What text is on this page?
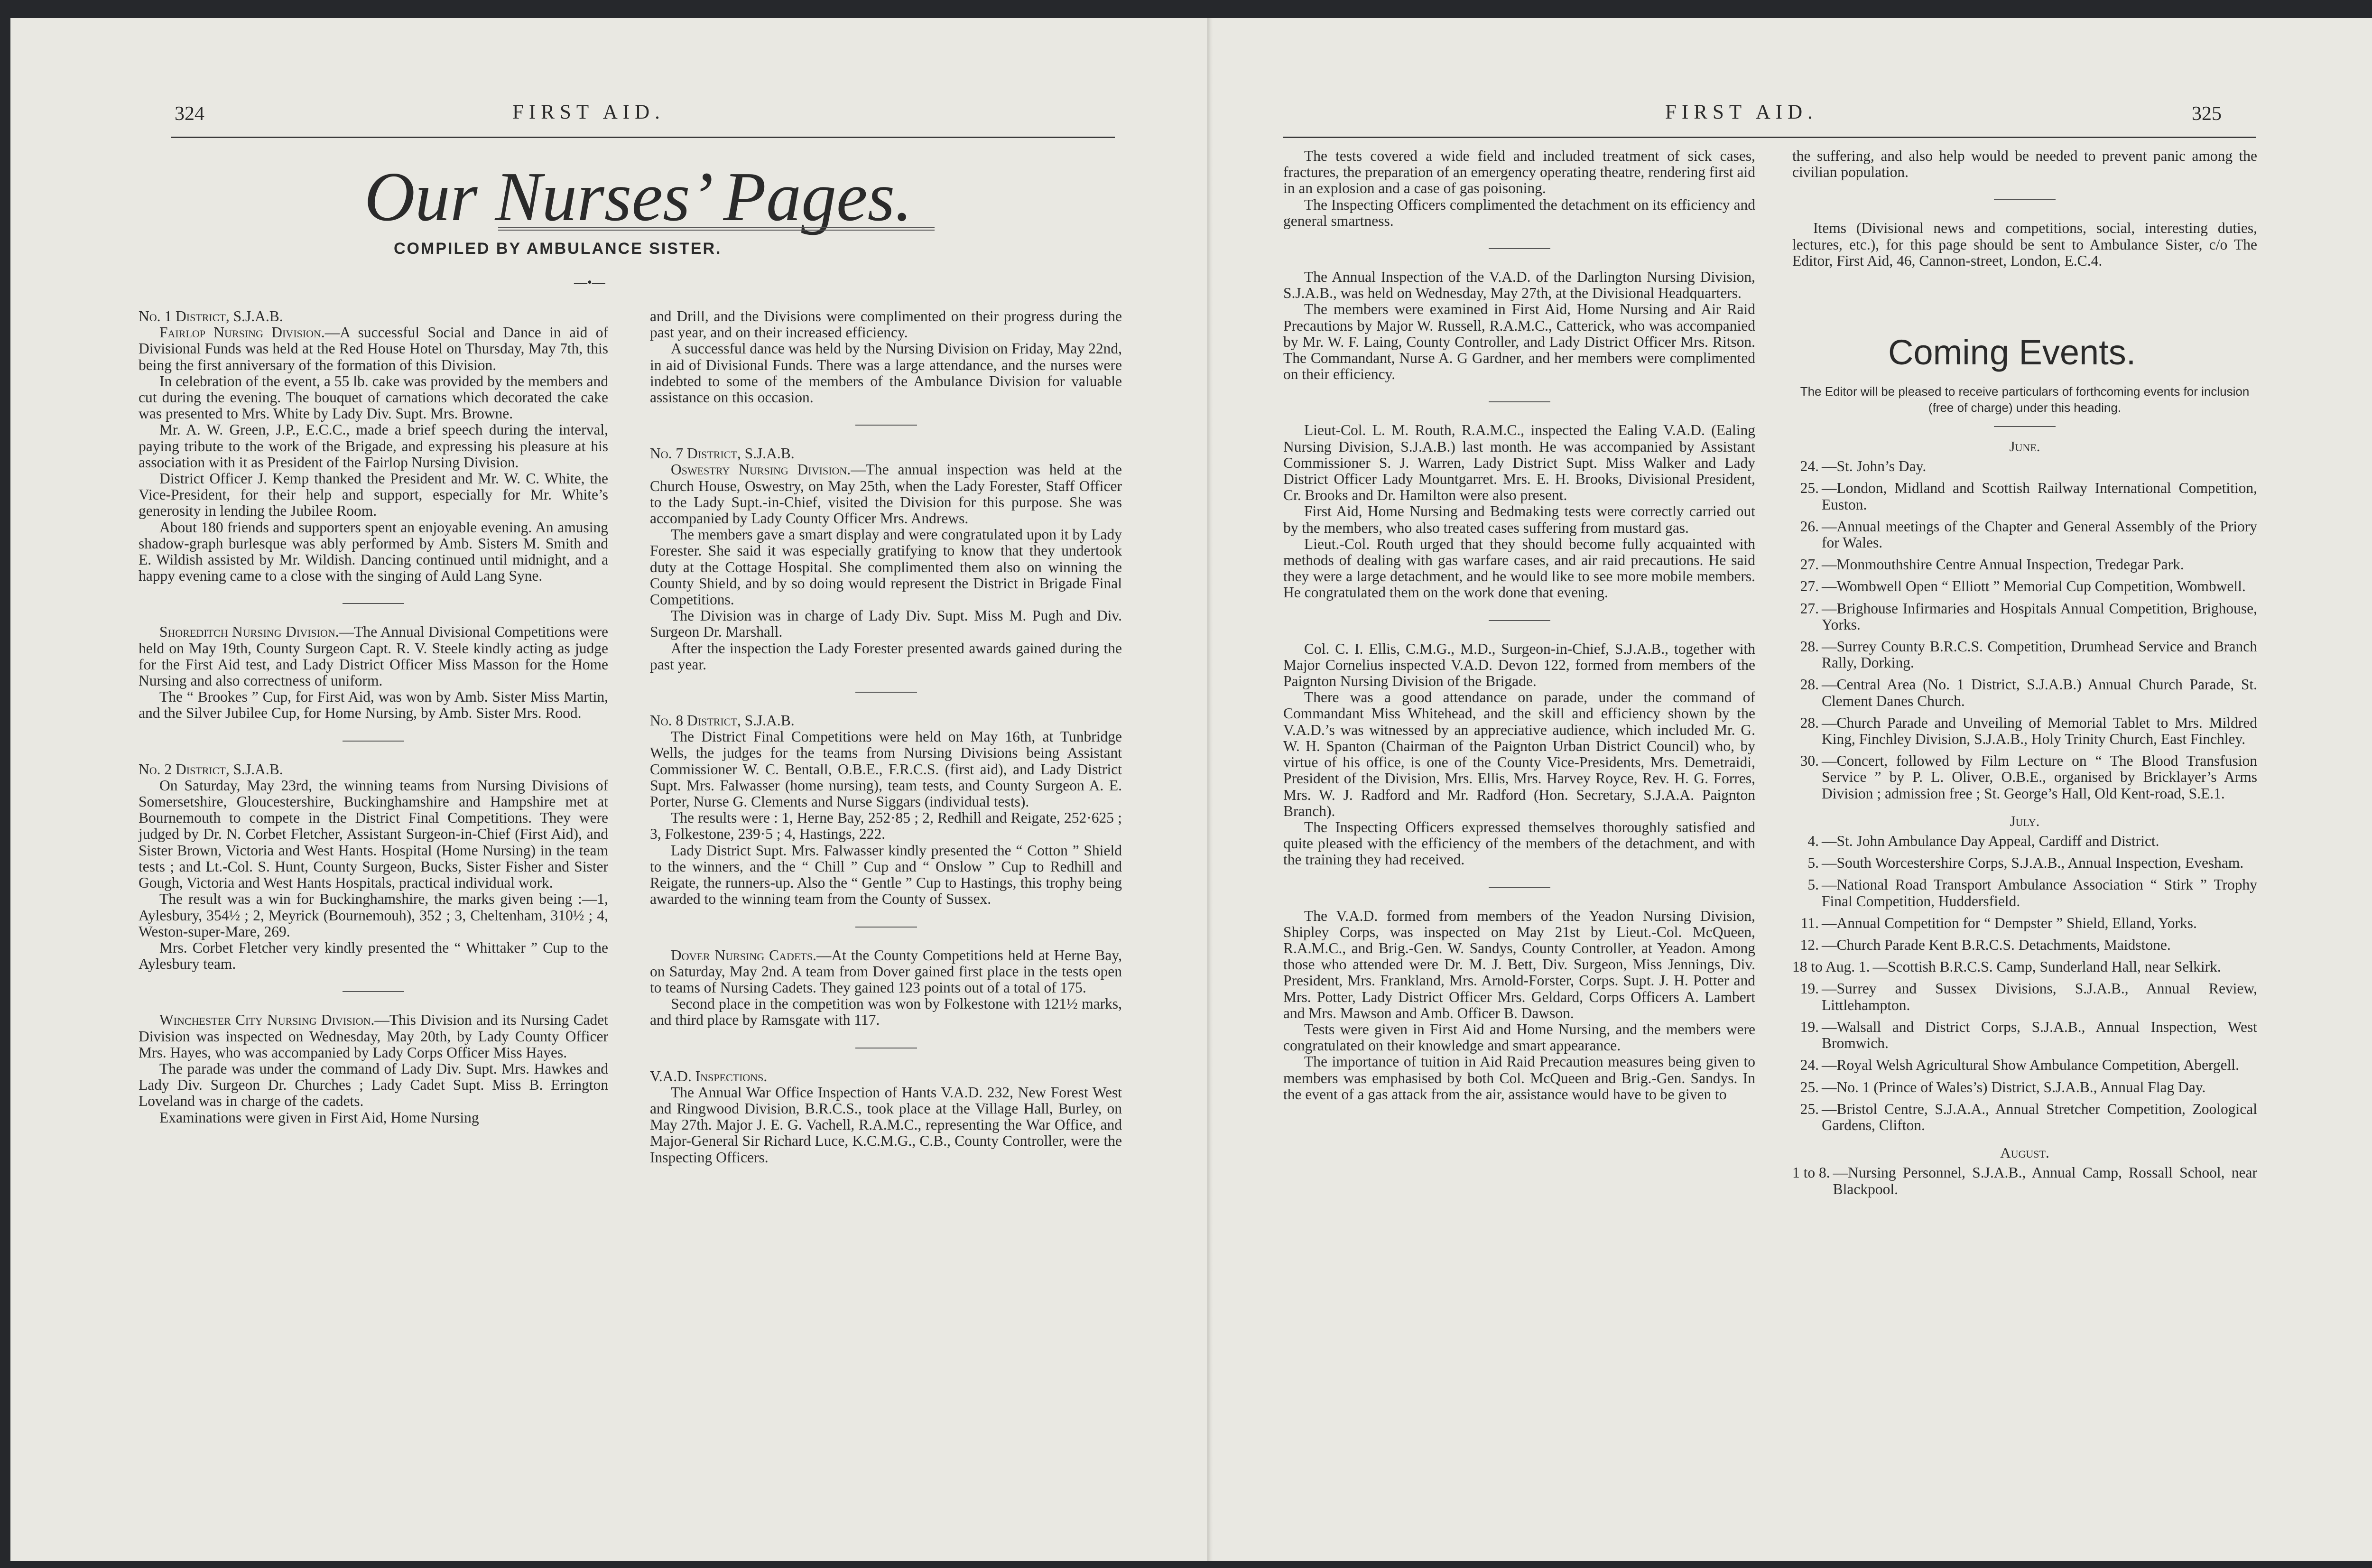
324	FIRST AID.
Our Nurses’ Pages.
COMPILED BY AMBULANCE SISTER.
—•—

No. 1 District, S.J.A.B.

Fairlop Nursing Division.—A successful Social and Dance in aid of Divisional Funds was held at the Red House Hotel on Thursday, May 7th, this being the first anniversary of the formation of this Division.

In celebration of the event, a 55 lb. cake was provided by the members and cut during the evening. The bouquet of carnations which decorated the cake was presented to Mrs. White by Lady Div. Supt. Mrs. Browne.

Mr. A. W. Green, J.P., E.C.C., made a brief speech during the interval, paying tribute to the work of the Brigade, and expressing his pleasure at his association with it as President of the Fairlop Nursing Division.

District Officer J. Kemp thanked the President and Mr. W. C. White, the Vice-President, for their help and support, especially for Mr. White’s generosity in lending the Jubilee Room.

About 180 friends and supporters spent an enjoyable evening. An amusing shadow-graph burlesque was ably performed by Amb. Sisters M. Smith and E. Wildish assisted by Mr. Wildish. Dancing continued until midnight, and a happy evening came to a close with the singing of Auld Lang Syne.

Shoreditch Nursing Division.—The Annual Divisional Competitions were held on May 19th, County Surgeon Capt. R. V. Steele kindly acting as judge for the First Aid test, and Lady District Officer Miss Masson for the Home Nursing and also correctness of uniform.

The “ Brookes ” Cup, for First Aid, was won by Amb. Sister Miss Martin, and the Silver Jubilee Cup, for Home Nursing, by Amb. Sister Mrs. Rood.

No. 2 District, S.J.A.B.

On Saturday, May 23rd, the winning teams from Nursing Divisions of Somersetshire, Gloucestershire, Buckinghamshire and Hampshire met at Bournemouth to compete in the District Final Competitions. They were judged by Dr. N. Corbet Fletcher, Assistant Surgeon-in-Chief (First Aid), and Sister Brown, Victoria and West Hants. Hospital (Home Nursing) in the team tests ; and Lt.-Col. S. Hunt, County Surgeon, Bucks, Sister Fisher and Sister Gough, Victoria and West Hants Hospitals, practical individual work.

The result was a win for Buckinghamshire, the marks given being :—1, Aylesbury, 354½ ; 2, Meyrick (Bournemouh), 352 ; 3, Cheltenham, 310½ ; 4, Weston-super-Mare, 269.

Mrs. Corbet Fletcher very kindly presented the “ Whittaker ” Cup to the Aylesbury team.

Winchester City Nursing Division.—This Division and its Nursing Cadet Division was inspected on Wednesday, May 20th, by Lady County Officer Mrs. Hayes, who was accompanied by Lady Corps Officer Miss Hayes.

The parade was under the command of Lady Div. Supt. Mrs. Hawkes and Lady Div. Surgeon Dr. Churches ; Lady Cadet Supt. Miss B. Errington Loveland was in charge of the cadets.

Examinations were given in First Aid, Home Nursing

and Drill, and the Divisions were complimented on their progress during the past year, and on their increased efficiency.

A successful dance was held by the Nursing Division on Friday, May 22nd, in aid of Divisional Funds. There was a large attendance, and the nurses were indebted to some of the members of the Ambulance Division for valuable assistance on this occasion.

No. 7 District, S.J.A.B.

Oswestry Nursing Division.—The annual inspection was held at the Church House, Oswestry, on May 25th, when the Lady Forester, Staff Officer to the Lady Supt.-in-Chief, visited the Division for this purpose. She was accompanied by Lady County Officer Mrs. Andrews.

The members gave a smart display and were congratulated upon it by Lady Forester. She said it was especially gratifying to know that they undertook duty at the Cottage Hospital. She complimented them also on winning the County Shield, and by so doing would represent the District in Brigade Final Competitions.

The Division was in charge of Lady Div. Supt. Miss M. Pugh and Div. Surgeon Dr. Marshall.

After the inspection the Lady Forester presented awards gained during the past year.

No. 8 District, S.J.A.B.

The District Final Competitions were held on May 16th, at Tunbridge Wells, the judges for the teams from Nursing Divisions being Assistant Commissioner W. C. Bentall, O.B.E., F.R.C.S. (first aid), and Lady District Supt. Mrs. Falwasser (home nursing), team tests, and County Surgeon A. E. Porter, Nurse G. Clements and Nurse Siggars (individual tests).

The results were : 1, Herne Bay, 252·85 ; 2, Redhill and Reigate, 252·625 ; 3, Folkestone, 239·5 ; 4, Hastings, 222.

Lady District Supt. Mrs. Falwasser kindly presented the “ Cotton ” Shield to the winners, and the “ Chill ” Cup and “ Onslow ” Cup to Redhill and Reigate, the runners-up. Also the “ Gentle ” Cup to Hastings, this trophy being awarded to the winning team from the County of Sussex.

Dover Nursing Cadets.—At the County Competitions held at Herne Bay, on Saturday, May 2nd. A team from Dover gained first place in the tests open to teams of Nursing Cadets. They gained 123 points out of a total of 175.

Second place in the competition was won by Folkestone with 121½ marks, and third place by Ramsgate with 117.

V.A.D. Inspections.

The Annual War Office Inspection of Hants V.A.D. 232, New Forest West and Ringwood Division, B.R.C.S., took place at the Village Hall, Burley, on May 27th. Major J. E. G. Vachell, R.A.M.C., representing the War Office, and Major-General Sir Richard Luce, K.C.M.G., C.B., County Controller, were the Inspecting Officers.

FIRST AID.	325

The tests covered a wide field and included treatment of sick cases, fractures, the preparation of an emergency operating theatre, rendering first aid in an explosion and a case of gas poisoning.

The Inspecting Officers complimented the detachment on its efficiency and general smartness.

The Annual Inspection of the V.A.D. of the Darlington Nursing Division, S.J.A.B., was held on Wednesday, May 27th, at the Divisional Headquarters.

The members were examined in First Aid, Home Nursing and Air Raid Precautions by Major W. Russell, R.A.M.C., Catterick, who was accompanied by Mr. W. F. Laing, County Controller, and Lady District Officer Mrs. Ritson. The Commandant, Nurse A. G Gardner, and her members were complimented on their efficiency.

Lieut-Col. L. M. Routh, R.A.M.C., inspected the Ealing V.A.D. (Ealing Nursing Division, S.J.A.B.) last month. He was accompanied by Assistant Commissioner S. J. Warren, Lady District Supt. Miss Walker and Lady District Officer Lady Mountgarret. Mrs. E. H. Brooks, Divisional President, Cr. Brooks and Dr. Hamilton were also present.

First Aid, Home Nursing and Bedmaking tests were correctly carried out by the members, who also treated cases suffering from mustard gas.

Lieut.-Col. Routh urged that they should become fully acquainted with methods of dealing with gas warfare cases, and air raid precautions. He said they were a large detachment, and he would like to see more mobile members. He congratulated them on the work done that evening.

Col. C. I. Ellis, C.M.G., M.D., Surgeon-in-Chief, S.J.A.B., together with Major Cornelius inspected V.A.D. Devon 122, formed from members of the Paignton Nursing Division of the Brigade.

There was a good attendance on parade, under the command of Commandant Miss Whitehead, and the skill and efficiency shown by the V.A.D.’s was witnessed by an appreciative audience, which included Mr. G. W. H. Spanton (Chairman of the Paignton Urban District Council) who, by virtue of his office, is one of the County Vice-Presidents, Mrs. Demetraidi, President of the Division, Mrs. Ellis, Mrs. Harvey Royce, Rev. H. G. Forres, Mrs. W. J. Radford and Mr. Radford (Hon. Secretary, S.J.A.A. Paignton Branch).

The Inspecting Officers expressed themselves thoroughly satisfied and quite pleased with the efficiency of the members of the detachment, and with the training they had received.

The V.A.D. formed from members of the Yeadon Nursing Division, Shipley Corps, was inspected on May 21st by Lieut.-Col. McQueen, R.A.M.C., and Brig.-Gen. W. Sandys, County Controller, at Yeadon. Among those who attended were Dr. M. J. Bett, Div. Surgeon, Miss Jennings, Div. President, Mrs. Frankland, Mrs. Arnold-Forster, Corps. Supt. J. H. Potter and Mrs. Potter, Lady District Officer Mrs. Geldard, Corps Officers A. Lambert and Mrs. Mawson and Amb. Officer B. Dawson.

Tests were given in First Aid and Home Nursing, and the members were congratulated on their knowledge and smart appearance.

The importance of tuition in Aid Raid Precaution measures being given to members was emphasised by both Col. McQueen and Brig.-Gen. Sandys. In the event of a gas attack from the air, assistance would have to be given to

the suffering, and also help would be needed to prevent panic among the civilian population.

Items (Divisional news and competitions, social, interesting duties, lectures, etc.), for this page should be sent to Ambulance Sister, c/o The Editor, First Aid, 46, Cannon-street, London, E.C.4.

Coming Events.
The Editor will be pleased to receive particulars of forthcoming events for inclusion (free of charge) under this heading.
June.
24. —St. John’s Day.
25. —London, Midland and Scottish Railway International Competition, Euston.
26. —Annual meetings of the Chapter and General Assembly of the Priory for Wales.
27. —Monmouthshire Centre Annual Inspection, Tredegar Park.
27. —Wombwell Open “ Elliott ” Memorial Cup Competition, Wombwell.
27. —Brighouse Infirmaries and Hospitals Annual Competition, Brighouse, Yorks.
28. —Surrey County B.R.C.S. Competition, Drumhead Service and Branch Rally, Dorking.
28. —Central Area (No. 1 District, S.J.A.B.) Annual Church Parade, St. Clement Danes Church.
28. —Church Parade and Unveiling of Memorial Tablet to Mrs. Mildred King, Finchley Division, S.J.A.B., Holy Trinity Church, East Finchley.
30. —Concert, followed by Film Lecture on “ The Blood Transfusion Service ” by P. L. Oliver, O.B.E., organised by Bricklayer’s Arms Division ; admission free ; St. George’s Hall, Old Kent-road, S.E.1.
July.
4. —St. John Ambulance Day Appeal, Cardiff and District.
5. —South Worcestershire Corps, S.J.A.B., Annual Inspection, Evesham.
5. —National Road Transport Ambulance Association “ Stirk ” Trophy Final Competition, Huddersfield.
11. —Annual Competition for “ Dempster ” Shield, Elland, Yorks.
12. —Church Parade Kent B.R.C.S. Detachments, Maidstone.
18 to Aug. 1. —Scottish B.R.C.S. Camp, Sunderland Hall, near Selkirk.
19. —Surrey and Sussex Divisions, S.J.A.B., Annual Review, Littlehampton.
19. —Walsall and District Corps, S.J.A.B., Annual Inspection, West Bromwich.
24. —Royal Welsh Agricultural Show Ambulance Competition, Abergell.
25. —No. 1 (Prince of Wales’s) District, S.J.A.B., Annual Flag Day.
25. —Bristol Centre, S.J.A.A., Annual Stretcher Competition, Zoological Gardens, Clifton.
August.
1 to 8. —Nursing Personnel, S.J.A.B., Annual Camp, Rossall School, near Blackpool.
